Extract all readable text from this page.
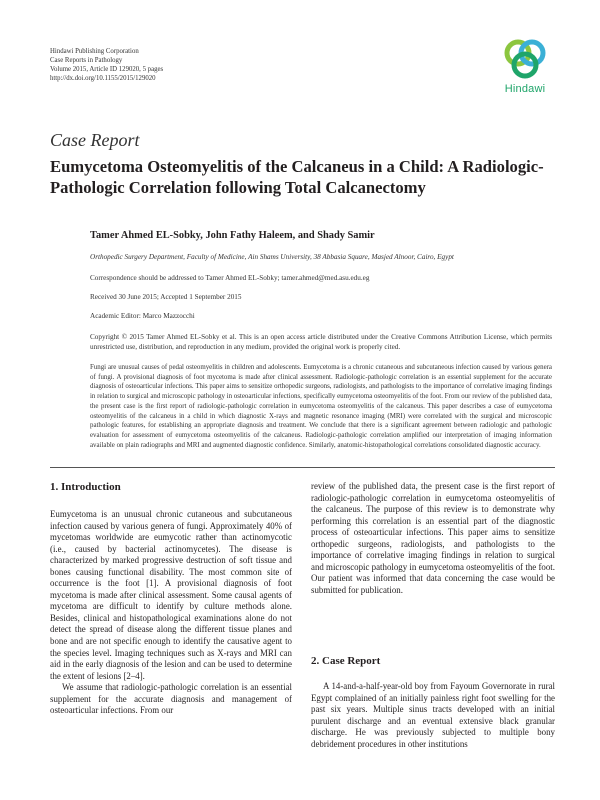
Hindawi Publishing Corporation
Case Reports in Pathology
Volume 2015, Article ID 129020, 5 pages
http://dx.doi.org/10.1155/2015/129020
Hindawi
Case Report
Eumycetoma Osteomyelitis of the Calcaneus in a Child: A Radiologic-Pathologic Correlation following Total Calcanectomy
Tamer Ahmed EL-Sobky, John Fathy Haleem, and Shady Samir
Orthopedic Surgery Department, Faculty of Medicine, Ain Shams University, 38 Abbasia Square, Masjed Alnoor, Cairo, Egypt
Correspondence should be addressed to Tamer Ahmed EL-Sobky; tamer.ahmed@med.asu.edu.eg
Received 30 June 2015; Accepted 1 September 2015
Academic Editor: Marco Mazzocchi
Copyright © 2015 Tamer Ahmed EL-Sobky et al. This is an open access article distributed under the Creative Commons Attribution License, which permits unrestricted use, distribution, and reproduction in any medium, provided the original work is properly cited.
Fungi are unusual causes of pedal osteomyelitis in children and adolescents. Eumycetoma is a chronic cutaneous and subcutaneous infection caused by various genera of fungi. A provisional diagnosis of foot mycetoma is made after clinical assessment. Radiologic-pathologic correlation is an essential supplement for the accurate diagnosis of osteoarticular infections. This paper aims to sensitize orthopedic surgeons, radiologists, and pathologists to the importance of correlative imaging findings in relation to surgical and microscopic pathology in osteoarticular infections, specifically eumycetoma osteomyelitis of the foot. From our review of the published data, the present case is the first report of radiologic-pathologic correlation in eumycetoma osteomyelitis of the calcaneus. This paper describes a case of eumycetoma osteomyelitis of the calcaneus in a child in which diagnostic X-rays and magnetic resonance imaging (MRI) were correlated with the surgical and microscopic pathologic features, for establishing an appropriate diagnosis and treatment. We conclude that there is a significant agreement between radiologic and pathologic evaluation for assessment of eumycetoma osteomyelitis of the calcaneus. Radiologic-pathologic correlation amplified our interpretation of imaging information available on plain radiographs and MRI and augmented diagnostic confidence. Similarly, anatomic-histopathological correlations consolidated diagnostic accuracy.
1. Introduction

Eumycetoma is an unusual chronic cutaneous and subcutaneous infection caused by various genera of fungi. Approximately 40% of mycetomas worldwide are eumycotic rather than actinomycotic (i.e., caused by bacterial actinomycetes). The disease is characterized by marked progressive destruction of soft tissue and bones causing functional disability. The most common site of occurrence is the foot [1]. A provisional diagnosis of foot mycetoma is made after clinical assessment. Some causal agents of mycetoma are difficult to identify by culture methods alone. Besides, clinical and histopathological examinations alone do not detect the spread of disease along the different tissue planes and bone and are not specific enough to identify the causative agent to the species level. Imaging techniques such as X-rays and MRI can aid in the early diagnosis of the lesion and can be used to determine the extent of lesions [2–4].

We assume that radiologic-pathologic correlation is an essential supplement for the accurate diagnosis and management of osteoarticular infections. From our

review of the published data, the present case is the first report of radiologic-pathologic correlation in eumycetoma osteomyelitis of the calcaneus. The purpose of this review is to demonstrate why performing this correlation is an essential part of the diagnostic process of osteoarticular infections. This paper aims to sensitize orthopedic surgeons, radiologists, and pathologists to the importance of correlative imaging findings in relation to surgical and microscopic pathology in eumycetoma osteomyelitis of the foot. Our patient was informed that data concerning the case would be submitted for publication.

2. Case Report

A 14-and-a-half-year-old boy from Fayoum Governorate in rural Egypt complained of an initially painless right foot swelling for the past six years. Multiple sinus tracts developed with an initial purulent discharge and an eventual extensive black granular discharge. He was previously subjected to multiple bony debridement procedures in other institutions
